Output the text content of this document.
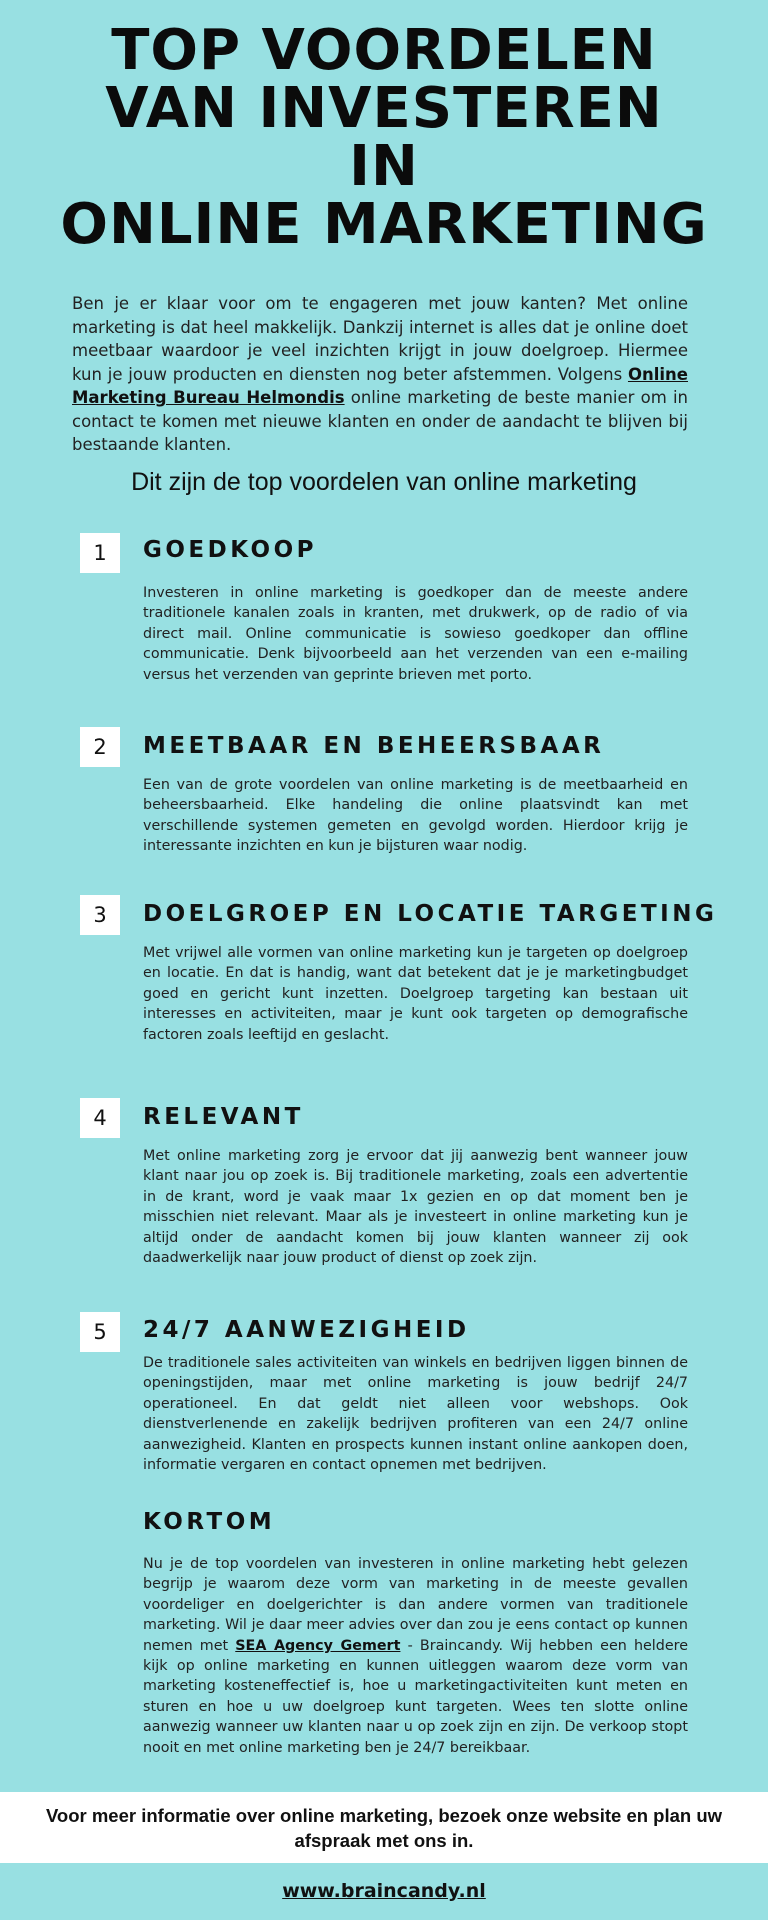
TOP VOORDELEN
VAN INVESTEREN
IN
ONLINE MARKETING

Ben je er klaar voor om te engageren met jouw kanten? Met online marketing is dat heel makkelijk. Dankzij internet is alles dat je online doet meetbaar waardoor je veel inzichten krijgt in jouw doelgroep. Hiermee kun je jouw producten en diensten nog beter afstemmen. Volgens Online Marketing Bureau Helmondis online marketing de beste manier om in contact te komen met nieuwe klanten en onder de aandacht te blijven bij bestaande klanten.

Dit zijn de top voordelen van online marketing
1	GOEDKOOP
Investeren in online marketing is goedkoper dan de meeste andere traditionele kanalen zoals in kranten, met drukwerk, op de radio of via direct mail. Online communicatie is sowieso goedkoper dan offline communicatie. Denk bijvoorbeeld aan het verzenden van een e-mailing versus het verzenden van geprinte brieven met porto.
2	MEETBAAR EN BEHEERSBAAR
Een van de grote voordelen van online marketing is de meetbaarheid en beheersbaarheid. Elke handeling die online plaatsvindt kan met verschillende systemen gemeten en gevolgd worden. Hierdoor krijg je interessante inzichten en kun je bijsturen waar nodig.
3	DOELGROEP EN LOCATIE TARGETING
Met vrijwel alle vormen van online marketing kun je targeten op doelgroep en locatie. En dat is handig, want dat betekent dat je je marketingbudget goed en gericht kunt inzetten. Doelgroep targeting kan bestaan uit interesses en activiteiten, maar je kunt ook targeten op demografische factoren zoals leeftijd en geslacht.
4	RELEVANT
Met online marketing zorg je ervoor dat jij aanwezig bent wanneer jouw klant naar jou op zoek is. Bij traditionele marketing, zoals een advertentie in de krant, word je vaak maar 1x gezien en op dat moment ben je misschien niet relevant. Maar als je investeert in online marketing kun je altijd onder de aandacht komen bij jouw klanten wanneer zij ook daadwerkelijk naar jouw product of dienst op zoek zijn.
5	24/7 AANWEZIGHEID
De traditionele sales activiteiten van winkels en bedrijven liggen binnen de openingstijden, maar met online marketing is jouw bedrijf 24/7 operationeel. En dat geldt niet alleen voor webshops. Ook dienstverlenende en zakelijk bedrijven profiteren van een 24/7 online aanwezigheid. Klanten en prospects kunnen instant online aankopen doen, informatie vergaren en contact opnemen met bedrijven.
KORTOM

Nu je de top voordelen van investeren in online marketing hebt gelezen begrijp je waarom deze vorm van marketing in de meeste gevallen voordeliger en doelgerichter is dan andere vormen van traditionele marketing. Wil je daar meer advies over dan zou je eens contact op kunnen nemen met SEA Agency Gemert - Braincandy. Wij hebben een heldere kijk op online marketing en kunnen uitleggen waarom deze vorm van marketing kosteneffectief is, hoe u marketingactiviteiten kunt meten en sturen en hoe u uw doelgroep kunt targeten. Wees ten slotte online aanwezig wanneer uw klanten naar u op zoek zijn en zijn. De verkoop stopt nooit en met online marketing ben je 24/7 bereikbaar.

Voor meer informatie over online marketing, bezoek onze website en plan uw afspraak met ons in.
www.braincandy.nl
